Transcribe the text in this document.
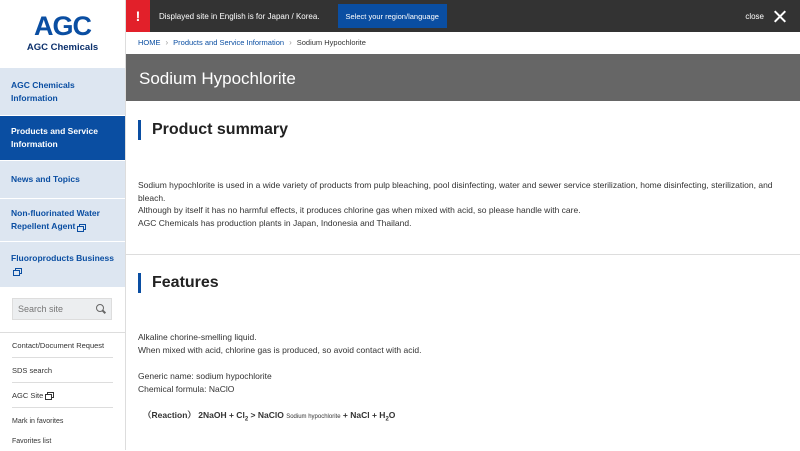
AGC
AGC Chemicals
AGC Chemicals Information
Products and Service Information
News and Topics
Non-fluorinated Water Repellent Agent
Fluoroproducts Business
Search site
Contact/Document Request
SDS search
AGC Site
Mark in favorites
Favorites list
!	Displayed site in English is for Japan / Korea.	Select your region/language	close
HOME › Products and Service Information › Sodium Hypochlorite
Sodium Hypochlorite
Product summary
Sodium hypochlorite is used in a wide variety of products from pulp bleaching, pool disinfecting, water and sewer service sterilization, home disinfecting, sterilization, and bleach.
Although by itself it has no harmful effects, it produces chlorine gas when mixed with acid, so please handle with care.
AGC Chemicals has production plants in Japan, Indonesia and Thailand.
Features
Alkaline chorine-smelling liquid.
When mixed with acid, chlorine gas is produced, so avoid contact with acid.
Generic name: sodium hypochlorite
Chemical formula: NaClO
（Reaction） 2NaOH + $Cl_2$ > NaClO Sodium hypochlorite + NaCl + $H_2O$
